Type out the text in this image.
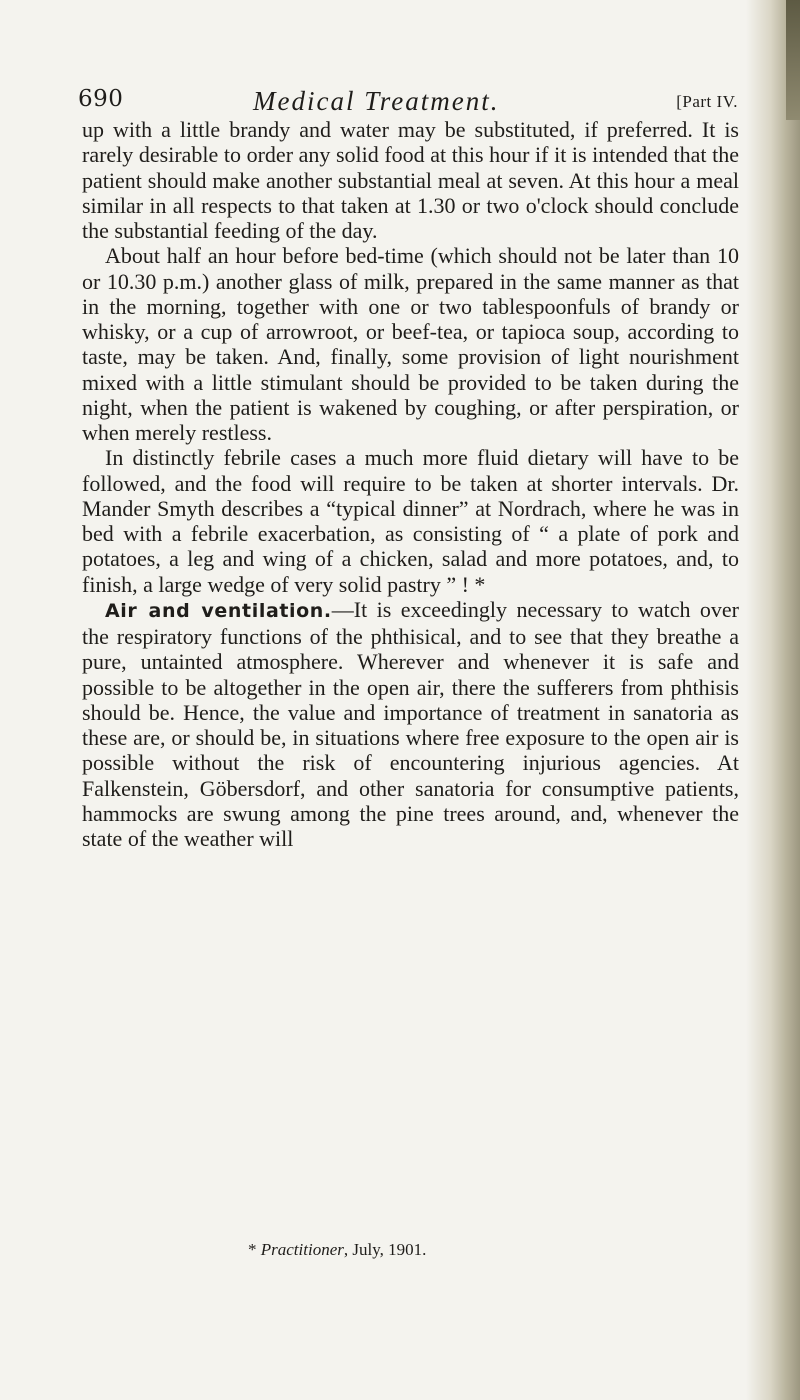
690	Medical Treatment.	[Part IV.

up with a little brandy and water may be substituted, if preferred. It is rarely desirable to order any solid food at this hour if it is intended that the patient should make another substantial meal at seven. At this hour a meal similar in all respects to that taken at 1.30 or two o'clock should conclude the substantial feeding of the day.

About half an hour before bed-time (which should not be later than 10 or 10.30 p.m.) another glass of milk, prepared in the same manner as that in the morning, together with one or two tablespoonfuls of brandy or whisky, or a cup of arrowroot, or beef-tea, or tapioca soup, according to taste, may be taken. And, finally, some provision of light nourishment mixed with a little stimulant should be provided to be taken during the night, when the patient is wakened by coughing, or after perspiration, or when merely restless.

In distinctly febrile cases a much more fluid dietary will have to be followed, and the food will require to be taken at shorter intervals. Dr. Mander Smyth describes a “typical dinner” at Nordrach, where he was in bed with a febrile exacerbation, as consisting of “ a plate of pork and potatoes, a leg and wing of a chicken, salad and more potatoes, and, to finish, a large wedge of very solid pastry ” ! *

Air and ventilation.—It is exceedingly necessary to watch over the respiratory functions of the phthisical, and to see that they breathe a pure, untainted atmosphere. Wherever and whenever it is safe and possible to be altogether in the open air, there the sufferers from phthisis should be. Hence, the value and importance of treatment in sanatoria as these are, or should be, in situations where free exposure to the open air is possible without the risk of encountering injurious agencies. At Falkenstein, Göbersdorf, and other sanatoria for consumptive patients, hammocks are swung among the pine trees around, and, whenever the state of the weather will

* Practitioner, July, 1901.
